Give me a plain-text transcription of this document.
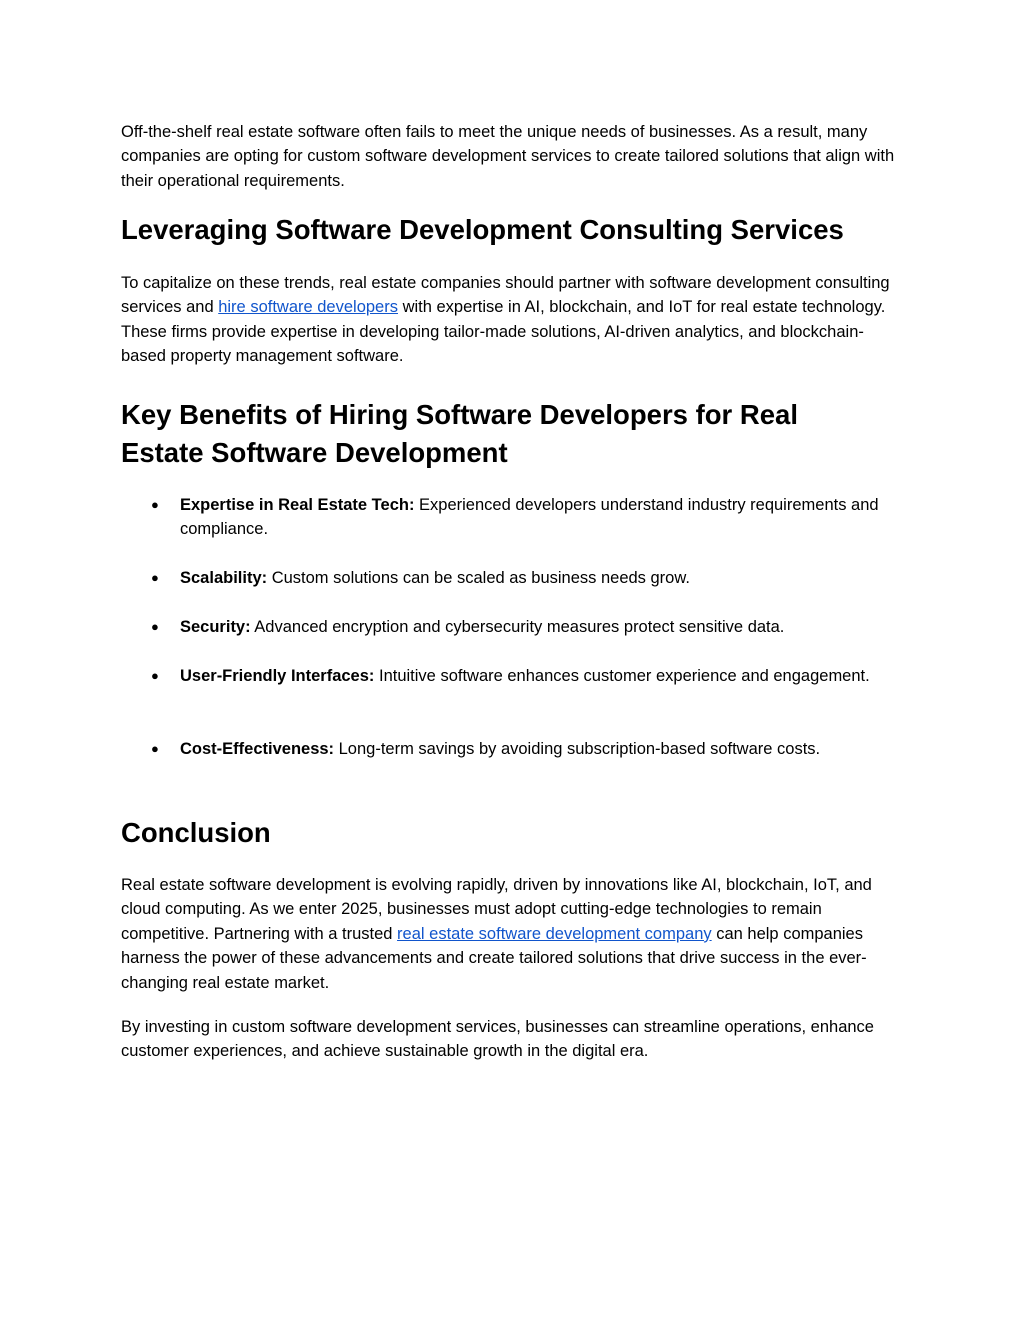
Off-the-shelf real estate software often fails to meet the unique needs of businesses. As a result, many companies are opting for custom software development services to create tailored solutions that align with their operational requirements.

Leveraging Software Development Consulting Services

To capitalize on these trends, real estate companies should partner with software development consulting services and hire software developers with expertise in AI, blockchain, and IoT for real estate technology. These firms provide expertise in developing tailor-made solutions, AI-driven analytics, and blockchain-based property management software.

Key Benefits of Hiring Software Developers for Real Estate Software Development
● Expertise in Real Estate Tech: Experienced developers understand industry requirements and compliance.
● Scalability: Custom solutions can be scaled as business needs grow.
● Security: Advanced encryption and cybersecurity measures protect sensitive data.
● User-Friendly Interfaces: Intuitive software enhances customer experience and engagement.
● Cost-Effectiveness: Long-term savings by avoiding subscription-based software costs.
Conclusion

Real estate software development is evolving rapidly, driven by innovations like AI, blockchain, IoT, and cloud computing. As we enter 2025, businesses must adopt cutting-edge technologies to remain competitive. Partnering with a trusted real estate software development company can help companies harness the power of these advancements and create tailored solutions that drive success in the ever-changing real estate market.

By investing in custom software development services, businesses can streamline operations, enhance customer experiences, and achieve sustainable growth in the digital era.
